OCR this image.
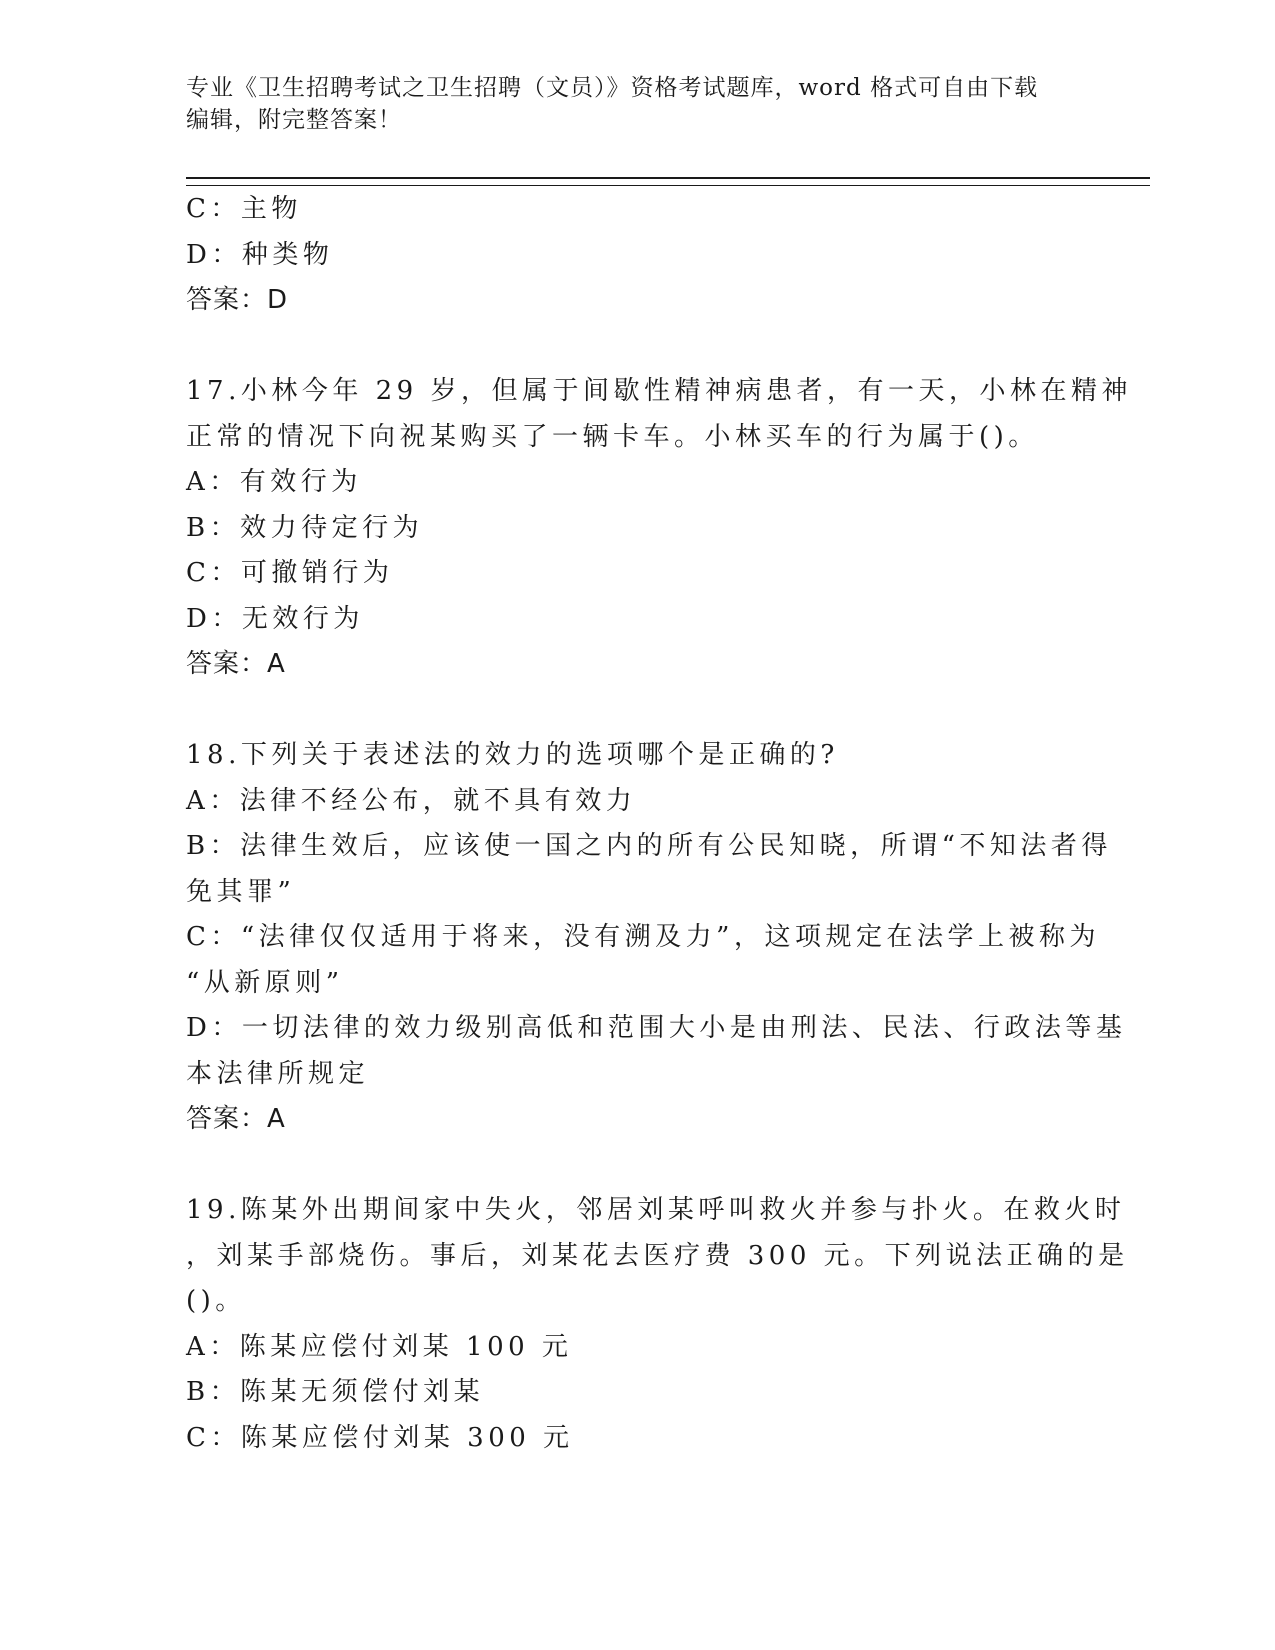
专业《卫生招聘考试之卫生招聘（文员）》资格考试题库，word 格式可自由下载
编辑，附完整答案！
C：主物
D：种类物
答案：D
17.小林今年 29 岁，但属于间歇性精神病患者，有一天，小林在精神
正常的情况下向祝某购买了一辆卡车。小林买车的行为属于()。
A：有效行为
B：效力待定行为
C：可撤销行为
D：无效行为
答案：A
18.下列关于表述法的效力的选项哪个是正确的?
A：法律不经公布，就不具有效力
B：法律生效后，应该使一国之内的所有公民知晓，所谓“不知法者得
免其罪”
C：“法律仅仅适用于将来，没有溯及力”，这项规定在法学上被称为
“从新原则”
D：一切法律的效力级别高低和范围大小是由刑法、民法、行政法等基
本法律所规定
答案：A
19.陈某外出期间家中失火，邻居刘某呼叫救火并参与扑火。在救火时
，刘某手部烧伤。事后，刘某花去医疗费 300 元。下列说法正确的是
()。
A：陈某应偿付刘某 100 元
B：陈某无须偿付刘某
C：陈某应偿付刘某 300 元
